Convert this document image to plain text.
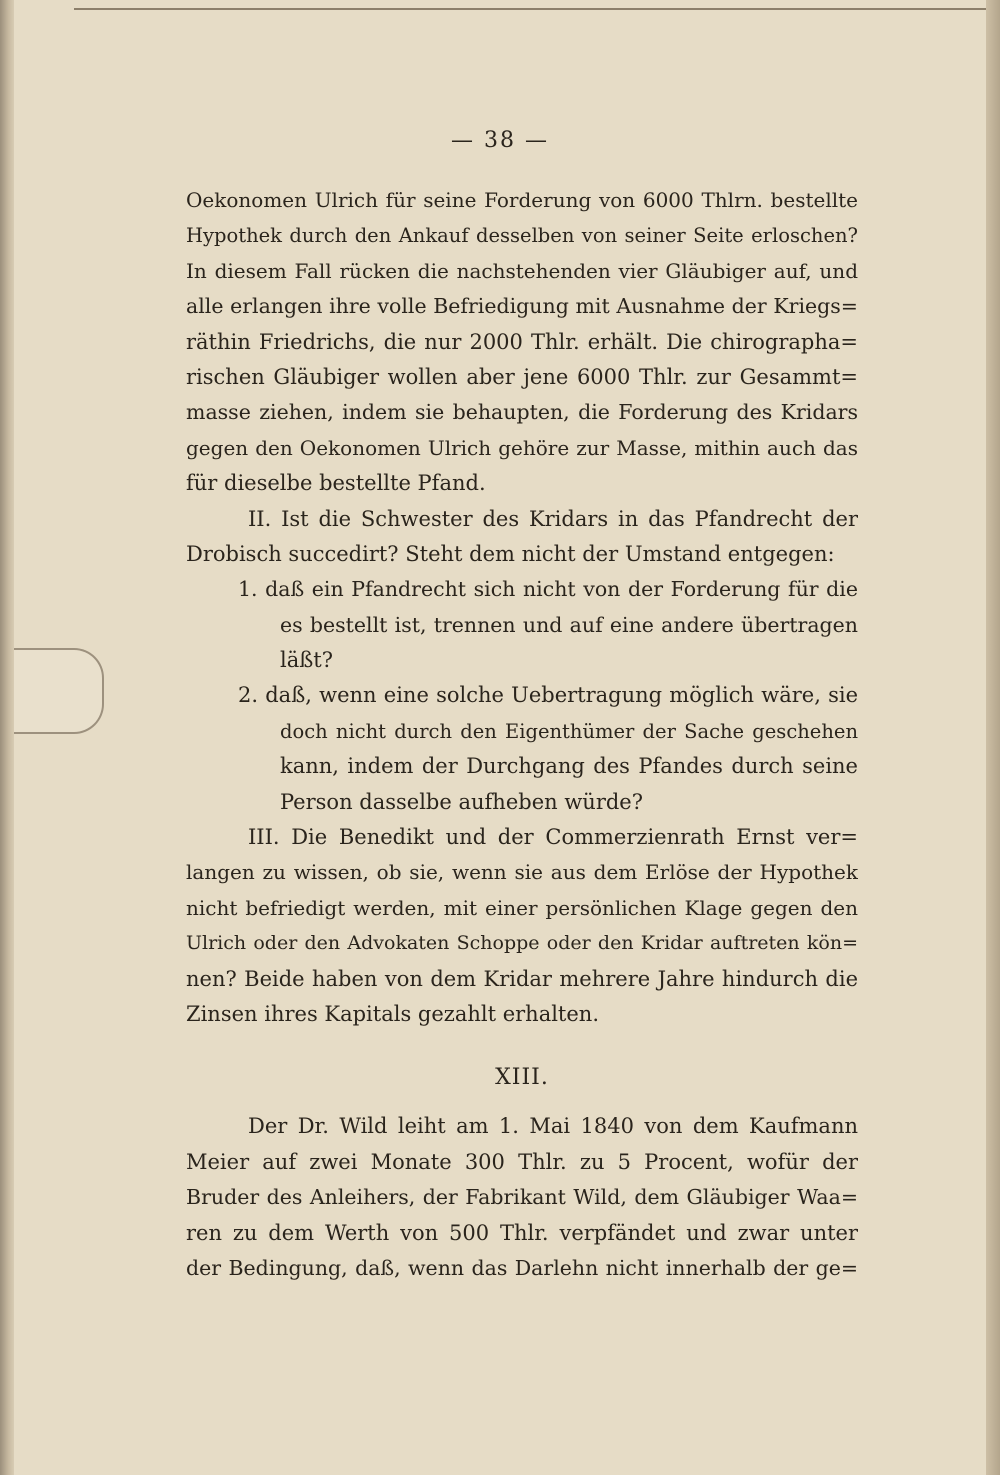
— 38 —
Oekonomen Ulrich für seine Forderung von 6000 Thlrn. bestellte
Hypothek durch den Ankauf desselben von seiner Seite erloschen?
In diesem Fall rücken die nachstehenden vier Gläubiger auf, und
alle erlangen ihre volle Befriedigung mit Ausnahme der Kriegs=
räthin Friedrichs, die nur 2000 Thlr. erhält. Die chirographa=
rischen Gläubiger wollen aber jene 6000 Thlr. zur Gesammt=
masse ziehen, indem sie behaupten, die Forderung des Kridars
gegen den Oekonomen Ulrich gehöre zur Masse, mithin auch das
für dieselbe bestellte Pfand.
II. Ist die Schwester des Kridars in das Pfandrecht der
Drobisch succedirt? Steht dem nicht der Umstand entgegen:
1. daß ein Pfandrecht sich nicht von der Forderung für die
es bestellt ist, trennen und auf eine andere übertragen
läßt?
2. daß, wenn eine solche Uebertragung möglich wäre, sie
doch nicht durch den Eigenthümer der Sache geschehen
kann, indem der Durchgang des Pfandes durch seine
Person dasselbe aufheben würde?
III. Die Benedikt und der Commerzienrath Ernst ver=
langen zu wissen, ob sie, wenn sie aus dem Erlöse der Hypothek
nicht befriedigt werden, mit einer persönlichen Klage gegen den
Ulrich oder den Advokaten Schoppe oder den Kridar auftreten kön=
nen? Beide haben von dem Kridar mehrere Jahre hindurch die
Zinsen ihres Kapitals gezahlt erhalten.
XIII.
Der Dr. Wild leiht am 1. Mai 1840 von dem Kaufmann
Meier auf zwei Monate 300 Thlr. zu 5 Procent, wofür der
Bruder des Anleihers, der Fabrikant Wild, dem Gläubiger Waa=
ren zu dem Werth von 500 Thlr. verpfändet und zwar unter
der Bedingung, daß, wenn das Darlehn nicht innerhalb der ge=
